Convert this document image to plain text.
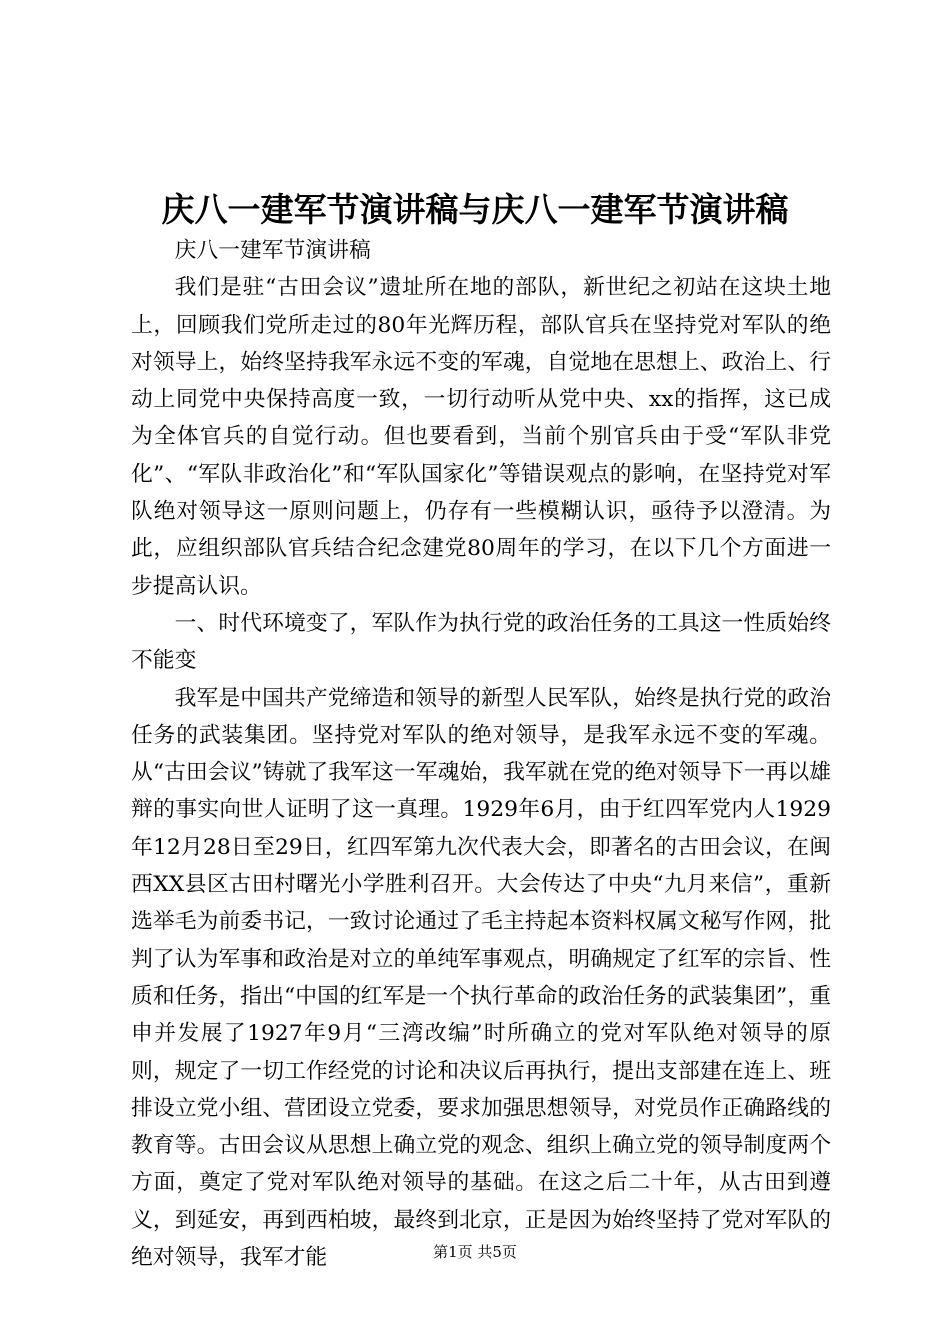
庆八一建军节演讲稿与庆八一建军节演讲稿

庆八一建军节演讲稿

我们是驻“古田会议”遗址所在地的部队，新世纪之初站在这块土地上，回顾我们党所走过的80年光辉历程，部队官兵在坚持党对军队的绝对领导上，始终坚持我军永远不变的军魂，自觉地在思想上、政治上、行动上同党中央保持高度一致，一切行动听从党中央、xx的指挥，这已成为全体官兵的自觉行动。但也要看到，当前个别官兵由于受“军队非党化”、“军队非政治化”和“军队国家化”等错误观点的影响，在坚持党对军队绝对领导这一原则问题上，仍存有一些模糊认识，亟待予以澄清。为此，应组织部队官兵结合纪念建党80周年的学习，在以下几个方面进一步提高认识。

一、时代环境变了，军队作为执行党的政治任务的工具这一性质始终不能变

我军是中国共产党缔造和领导的新型人民军队，始终是执行党的政治任务的武装集团。坚持党对军队的绝对领导，是我军永远不变的军魂。从“古田会议”铸就了我军这一军魂始，我军就在党的绝对领导下一再以雄辩的事实向世人证明了这一真理。1929年6月，由于红四军党内人1929年12月28日至29日，红四军第九次代表大会，即著名的古田会议，在闽西XX县区古田村曙光小学胜利召开。大会传达了中央“九月来信”，重新选举毛为前委书记，一致讨论通过了毛主持起本资料权属文秘写作网，批判了认为军事和政治是对立的单纯军事观点，明确规定了红军的宗旨、性质和任务，指出“中国的红军是一个执行革命的政治任务的武装集团”，重申并发展了1927年9月“三湾改编”时所确立的党对军队绝对领导的原则，规定了一切工作经党的讨论和决议后再执行，提出支部建在连上、班排设立党小组、营团设立党委，要求加强思想领导，对党员作正确路线的教育等。古田会议从思想上确立党的观念、组织上确立党的领导制度两个方面，奠定了党对军队绝对领导的基础。在这之后二十年，从古田到遵义，到延安，再到西柏坡，最终到北京，正是因为始终坚持了党对军队的绝对领导，我军才能	第1页 共5页
